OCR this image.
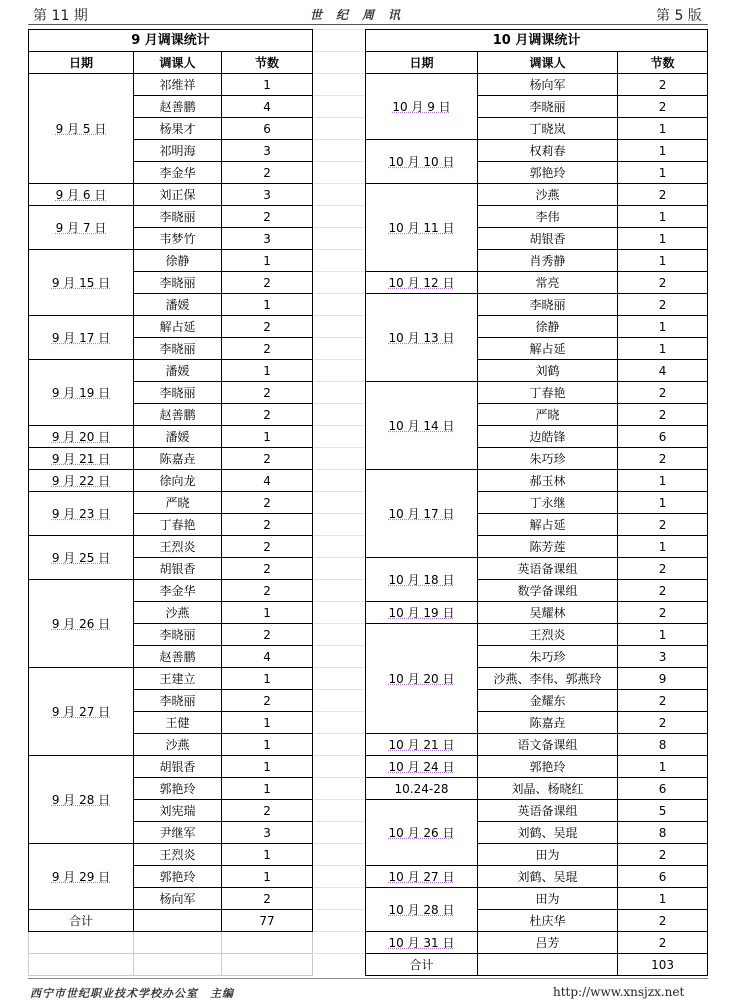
第 11 期	世纪周讯	第 5 版
9 月调课统计		
日期	调课人	节数
9 月 5 日	祁维祥	1
	赵善鹏	4
	杨果才	6
	祁明海	3
	李金华	2
9 月 6 日	刘正保	3
9 月 7 日	李晓丽	2
	韦梦竹	3
9 月 15 日	徐静	1
	李晓丽	2
	潘媛	1
9 月 17 日	解占延	2
	李晓丽	2
9 月 19 日	潘媛	1
	李晓丽	2
	赵善鹏	2
9 月 20 日	潘媛	1
9 月 21 日	陈嘉垚	2
9 月 22 日	徐向龙	4
9 月 23 日	严晓	2
	丁春艳	2
9 月 25 日	王烈炎	2
	胡银香	2
9 月 26 日	李金华	2
	沙燕	1
	李晓丽	2
	赵善鹏	4
9 月 27 日	王建立	1
	李晓丽	2
	王健	1
	沙燕	1
9 月 28 日	胡银香	1
	郭艳玲	1
	刘宪瑞	2
	尹继军	3
9 月 29 日	王烈炎	1
	郭艳玲	1
	杨向军	2
合计		77

10 月调课统计		
日期	调课人	节数
10 月 9 日	杨向军	2
	李晓丽	2
	丁晓岚	1
10 月 10 日	权莉春	1
	郭艳玲	1
10 月 11 日	沙燕	2
	李伟	1
	胡银香	1
	肖秀静	1
10 月 12 日	常亮	2
10 月 13 日	李晓丽	2
	徐静	1
	解占延	1
	刘鹤	4
10 月 14 日	丁春艳	2
	严晓	2
	边皓锋	6
	朱巧珍	2
10 月 17 日	郝玉林	1
	丁永继	1
	解占延	2
	陈芳莲	1
10 月 18 日	英语备课组	2
	数学备课组	2
10 月 19 日	吴耀林	2
10 月 20 日	王烈炎	1
	朱巧珍	3
	沙燕、李伟、郭燕玲	9
	金耀东	2
	陈嘉垚	2
10 月 21 日	语文备课组	8
10 月 24 日	郭艳玲	1
10.24-28	刘晶、杨晓红	6
10 月 26 日	英语备课组	5
	刘鹤、吴琨	8
	田为	2
10 月 27 日	刘鹤、吴琨	6
10 月 28 日	田为	1
	杜庆华	2
10 月 31 日	吕芳	2
合计		103
西宁市世纪职业技术学校办公室　主编	http://www.xnsjzx.net
